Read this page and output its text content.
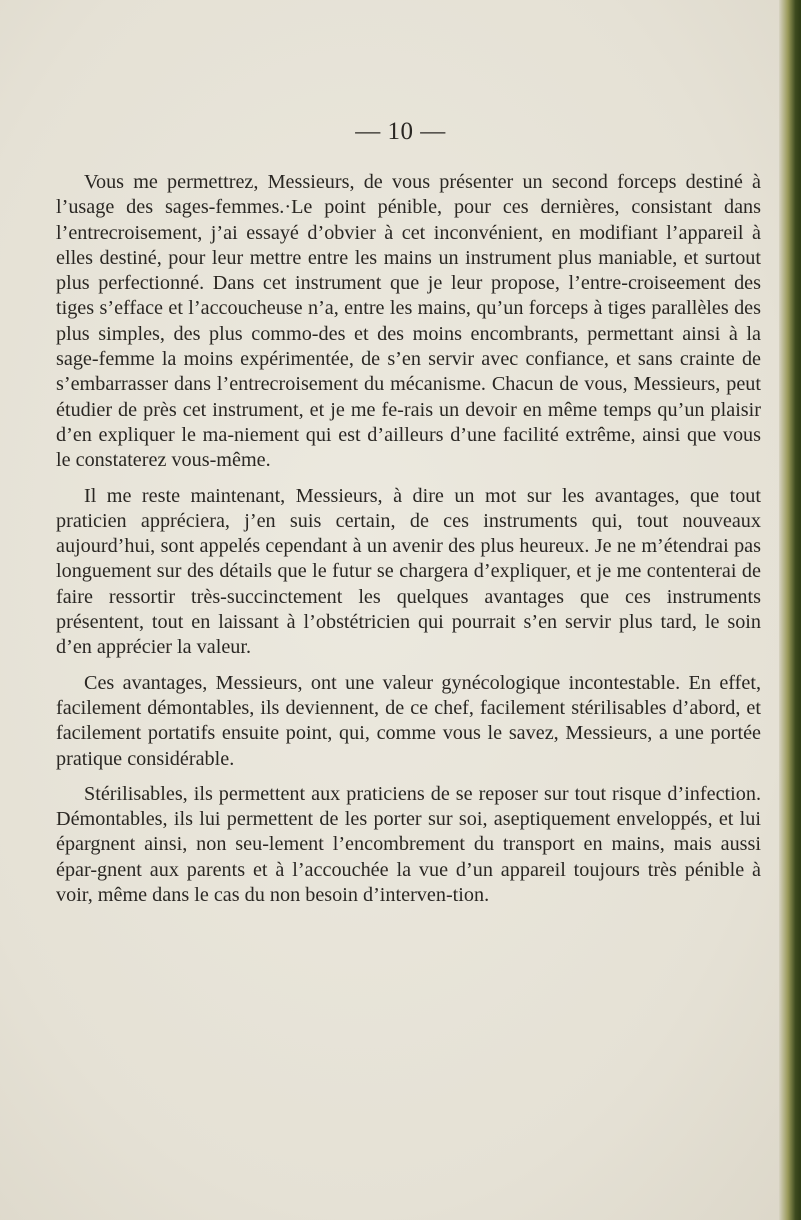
— 10 —

Vous me permettrez, Messieurs, de vous présenter un second forceps destiné à l’usage des sages-femmes.·Le point pénible, pour ces dernières, consistant dans l’entrecroisement, j’ai essayé d’obvier à cet inconvénient, en modifiant l’appareil à elles destiné, pour leur mettre entre les mains un instrument plus maniable, et surtout plus perfectionné. Dans cet instrument que je leur propose, l’entre-croiseement des tiges s’efface et l’accoucheuse n’a, entre les mains, qu’un forceps à tiges parallèles des plus simples, des plus commo-des et des moins encombrants, permettant ainsi à la sage-femme la moins expérimentée, de s’en servir avec confiance, et sans crainte de s’embarrasser dans l’entrecroisement du mécanisme. Chacun de vous, Messieurs, peut étudier de près cet instrument, et je me fe-rais un devoir en même temps qu’un plaisir d’en expliquer le ma-niement qui est d’ailleurs d’une facilité extrême, ainsi que vous le constaterez vous-même.

Il me reste maintenant, Messieurs, à dire un mot sur les avantages, que tout praticien appréciera, j’en suis certain, de ces instruments qui, tout nouveaux aujourd’hui, sont appelés cependant à un avenir des plus heureux. Je ne m’étendrai pas longuement sur des détails que le futur se chargera d’expliquer, et je me contenterai de faire ressortir très-succinctement les quelques avantages que ces instruments présentent, tout en laissant à l’obstétricien qui pourrait s’en servir plus tard, le soin d’en apprécier la valeur.

Ces avantages, Messieurs, ont une valeur gynécologique incontestable. En effet, facilement démontables, ils deviennent, de ce chef, facilement stérilisables d’abord, et facilement portatifs ensuite point, qui, comme vous le savez, Messieurs, a une portée pratique considérable.

Stérilisables, ils permettent aux praticiens de se reposer sur tout risque d’infection. Démontables, ils lui permettent de les porter sur soi, aseptiquement enveloppés, et lui épargnent ainsi, non seu-lement l’encombrement du transport en mains, mais aussi épar-gnent aux parents et à l’accouchée la vue d’un appareil toujours très pénible à voir, même dans le cas du non besoin d’interven-tion.
